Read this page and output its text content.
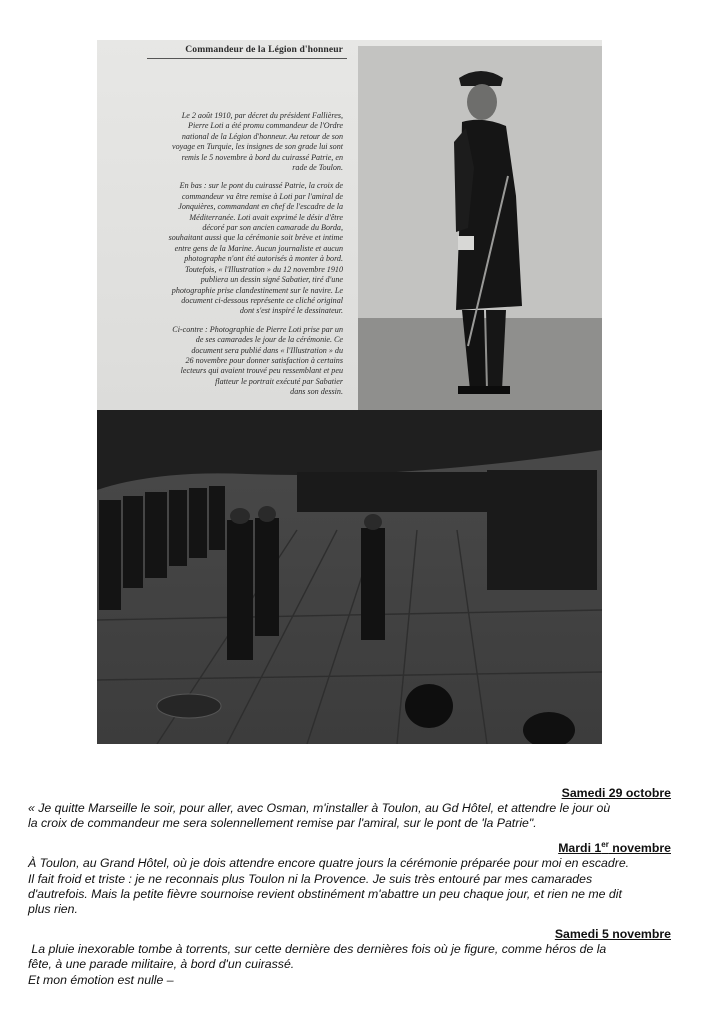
Commandeur de la Légion d'honneur

Le 2 août 1910, par décret du président Fallières,
Pierre Loti a été promu commandeur de l'Ordre
national de la Légion d'honneur. Au retour de son
voyage en Turquie, les insignes de son grade lui sont
remis le 5 novembre à bord du cuirassé Patrie, en
rade de Toulon.

En bas : sur le pont du cuirassé Patrie, la croix de
commandeur va être remise à Loti par l'amiral de
Jonquières, commandant en chef de l'escadre de la
Méditerranée. Loti avait exprimé le désir d'être
décoré par son ancien camarade du Borda,
souhaitant aussi que la cérémonie soit brève et intime
entre gens de la Marine. Aucun journaliste et aucun
photographe n'ont été autorisés à monter à bord.
Toutefois, « l'Illustration » du 12 novembre 1910
publiera un dessin signé Sabatier, tiré d'une
photographie prise clandestinement sur le navire. Le
document ci-dessous représente ce cliché original
dont s'est inspiré le dessinateur.

Ci-contre : Photographie de Pierre Loti prise par un
de ses camarades le jour de la cérémonie. Ce
document sera publié dans « l'Illustration » du
26 novembre pour donner satisfaction à certains
lecteurs qui avaient trouvé peu ressemblant et peu
flatteur le portrait exécuté par Sabatier
dans son dessin.

Samedi 29 octobre

« Je quitte Marseille le soir, pour aller, avec Osman, m'installer à Toulon, au Gd Hôtel, et attendre le jour où
la croix de commandeur me sera solennellement remise par l'amiral, sur le pont de 'la Patrie".

Mardi 1er novembre

À Toulon, au Grand Hôtel, où je dois attendre encore quatre jours la cérémonie préparée pour moi en escadre.
Il fait froid et triste : je ne reconnais plus Toulon ni la Provence. Je suis très entouré par mes camarades
d'autrefois. Mais la petite fièvre sournoise revient obstinément m'abattre un peu chaque jour, et rien ne me dit
plus rien.

Samedi 5 novembre

La pluie inexorable tombe à torrents, sur cette dernière des dernières fois où je figure, comme héros de la
fête, à une parade militaire, à bord d'un cuirassé.
Et mon émotion est nulle –
